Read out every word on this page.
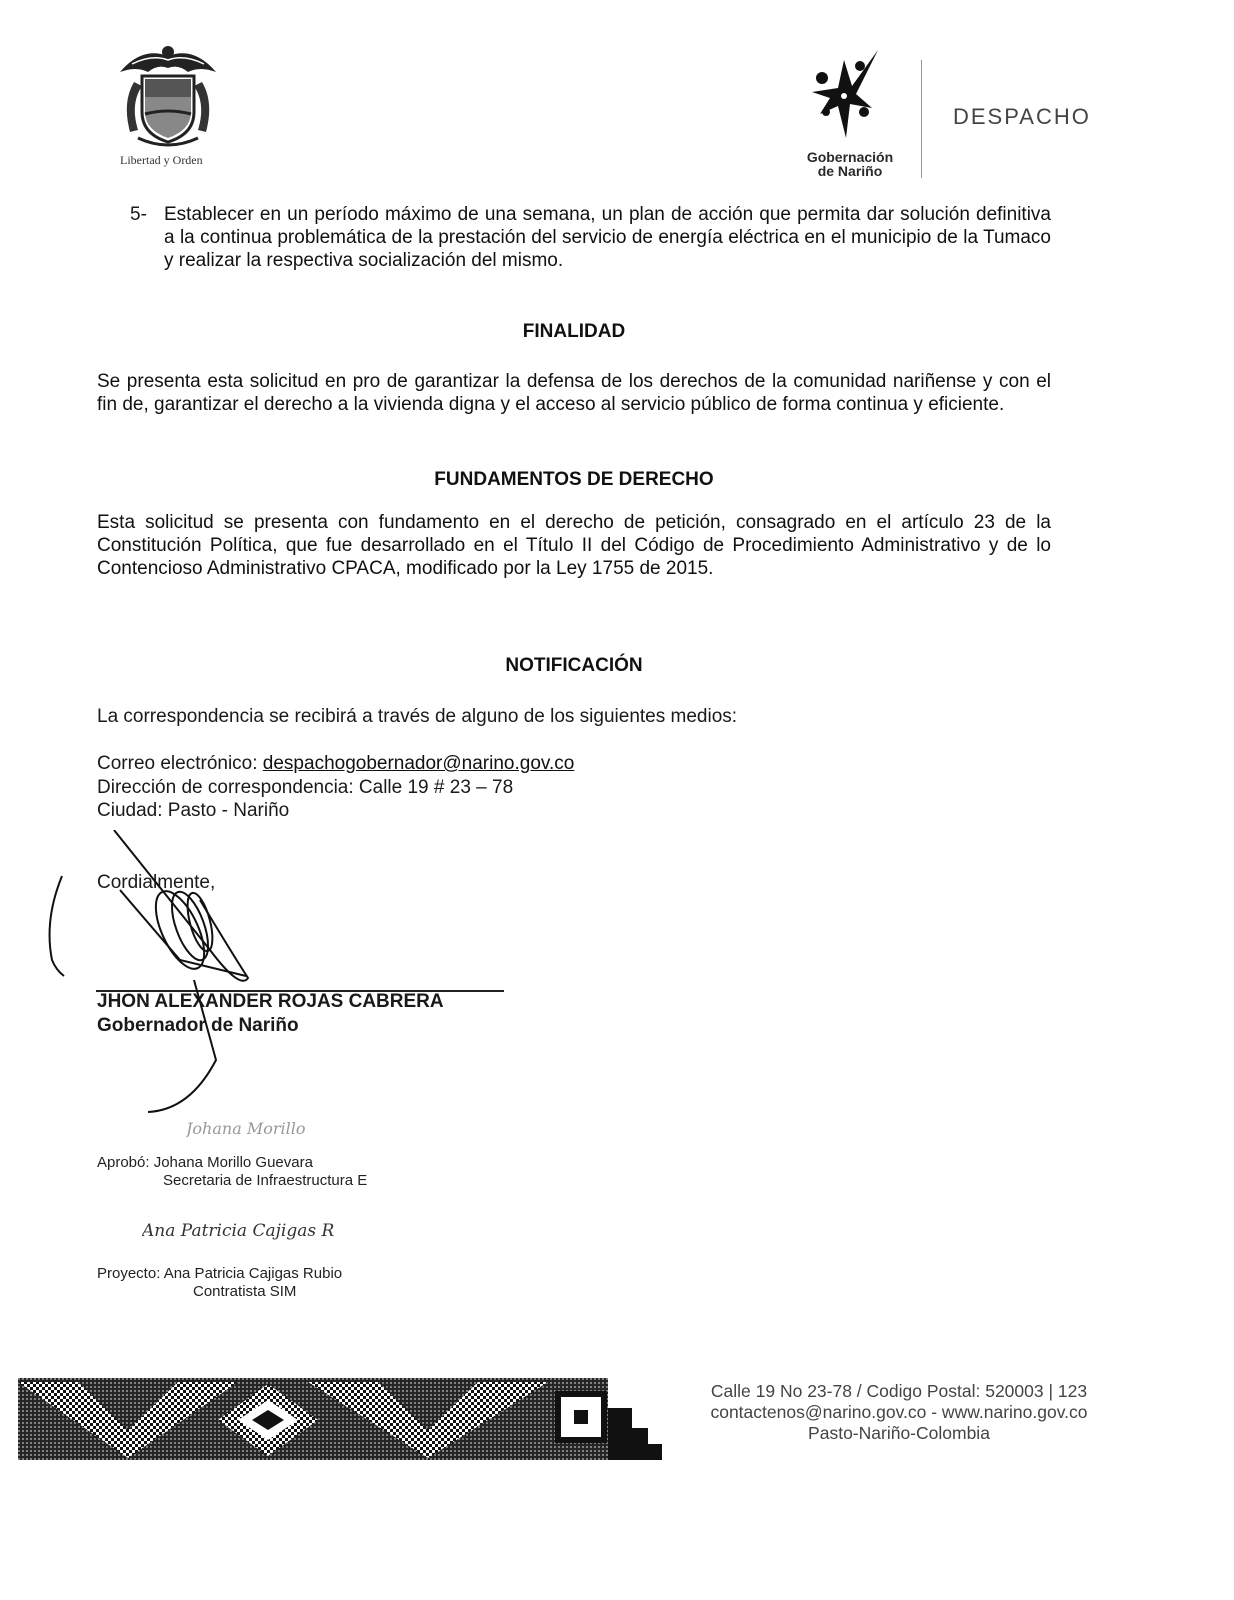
Libertad y Orden	Gobernación
de Nariño
DESPACHO
5- Establecer en un período máximo de una semana, un plan de acción que permita dar solución definitiva a la continua problemática de la prestación del servicio de energía eléctrica en el municipio de la Tumaco y realizar la respectiva socialización del mismo.
FINALIDAD
Se presenta esta solicitud en pro de garantizar la defensa de los derechos de la comunidad nariñense y con el fin de, garantizar el derecho a la vivienda digna y el acceso al servicio público de forma continua y eficiente.
FUNDAMENTOS DE DERECHO
Esta solicitud se presenta con fundamento en el derecho de petición, consagrado en el artículo 23 de la Constitución Política, que fue desarrollado en el Título II del Código de Procedimiento Administrativo y de lo Contencioso Administrativo CPACA, modificado por la Ley 1755 de 2015.
NOTIFICACIÓN
La correspondencia se recibirá a través de alguno de los siguientes medios:
Correo electrónico: despachogobernador@narino.gov.co
Dirección de correspondencia: Calle 19 # 23 – 78
Ciudad: Pasto - Nariño
Cordialmente,
JHON ALEXANDER ROJAS CABRERA
Gobernador de Nariño
Johana Morillo
Aprobó: Johana Morillo Guevara
Secretaria de Infraestructura E
Ana Patricia Cajigas R
Proyecto: Ana Patricia Cajigas Rubio
Contratista SIM
Calle 19 No 23-78 / Codigo Postal: 520003 | 123
contactenos@narino.gov.co - www.narino.gov.co
Pasto-Nariño-Colombia
